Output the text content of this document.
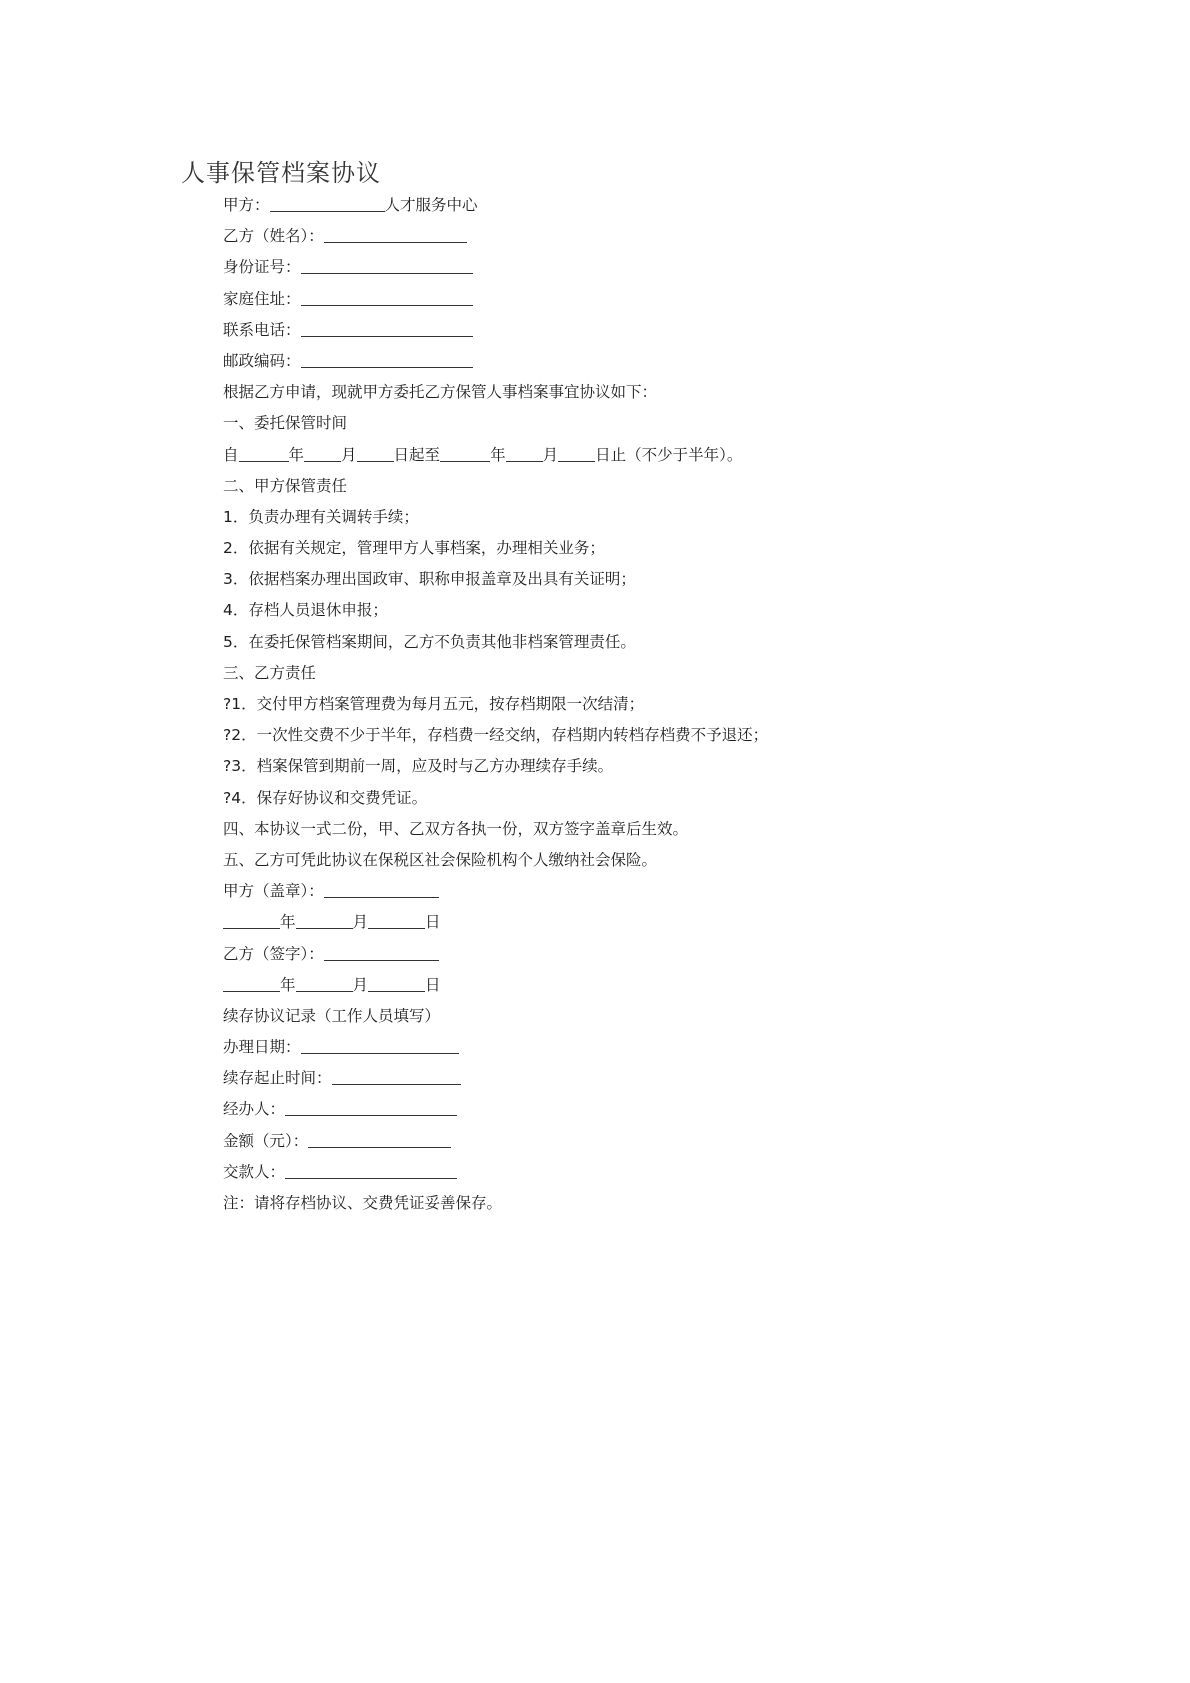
人事保管档案协议
甲方：	人才服务中心
乙方（姓名）：
身份证号：
家庭住址：
联系电话：
邮政编码：
根据乙方申请，现就甲方委托乙方保管人事档案事宜协议如下：
一、委托保管时间
自	年 月 日起至	年 月 日止（不少于半年）。
二、甲方保管责任
1．负责办理有关调转手续；
2．依据有关规定，管理甲方人事档案，办理相关业务；
3．依据档案办理出国政审、职称申报盖章及出具有关证明；
4．存档人员退休申报；
5．在委托保管档案期间，乙方不负责其他非档案管理责任。
三、乙方责任
?1．交付甲方档案管理费为每月五元，按存档期限一次结清；
?2．一次性交费不少于半年，存档费一经交纳，存档期内转档存档费不予退还；
?3．档案保管到期前一周，应及时与乙方办理续存手续。
?4．保存好协议和交费凭证。
四、本协议一式二份，甲、乙双方各执一份，双方签字盖章后生效。
五、乙方可凭此协议在保税区社会保险机构个人缴纳社会保险。
甲方（盖章）：
年	月	日
乙方（签字）：
年	月	日
续存协议记录（工作人员填写）
办理日期：
续存起止时间：
经办人：
金额（元）：
交款人：
注：请将存档协议、交费凭证妥善保存。
